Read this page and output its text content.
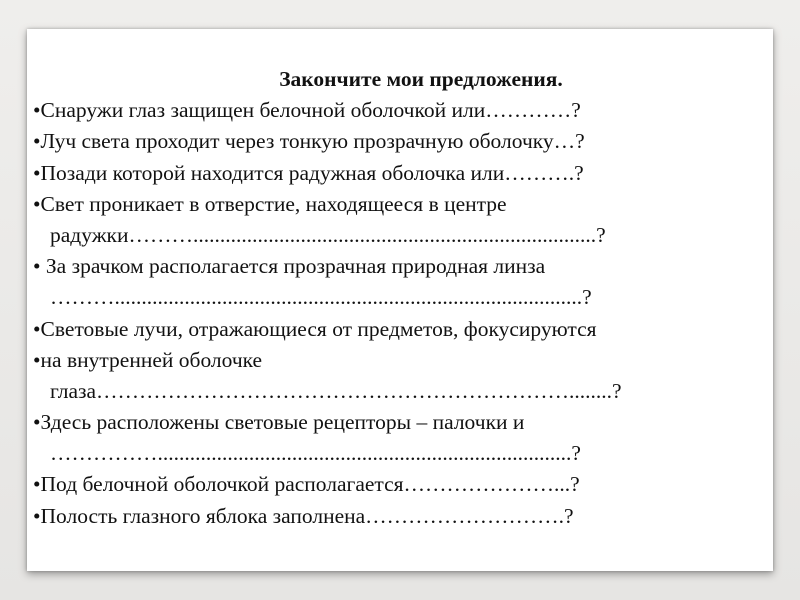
Закончите мои предложения.
•Снаружи глаз защищен белочной оболочкой или…………?
•Луч света проходит через тонкую прозрачную оболочку…?
•Позади которой находится радужная оболочка или……….?
•Свет проникает в отверстие, находящееся в центре
радужки………...........................................................................?
• За зрачком располагается прозрачная природная линза
……….......................................................................................?
•Световые лучи, отражающиеся от предметов, фокусируются
•на внутренней оболочке
глаза…………………………………………………………........?
•Здесь расположены световые рецепторы – палочки и
…………….............................................................................?
•Под белочной оболочкой располагается…………………...?
•Полость глазного яблока заполнена……………………….?
